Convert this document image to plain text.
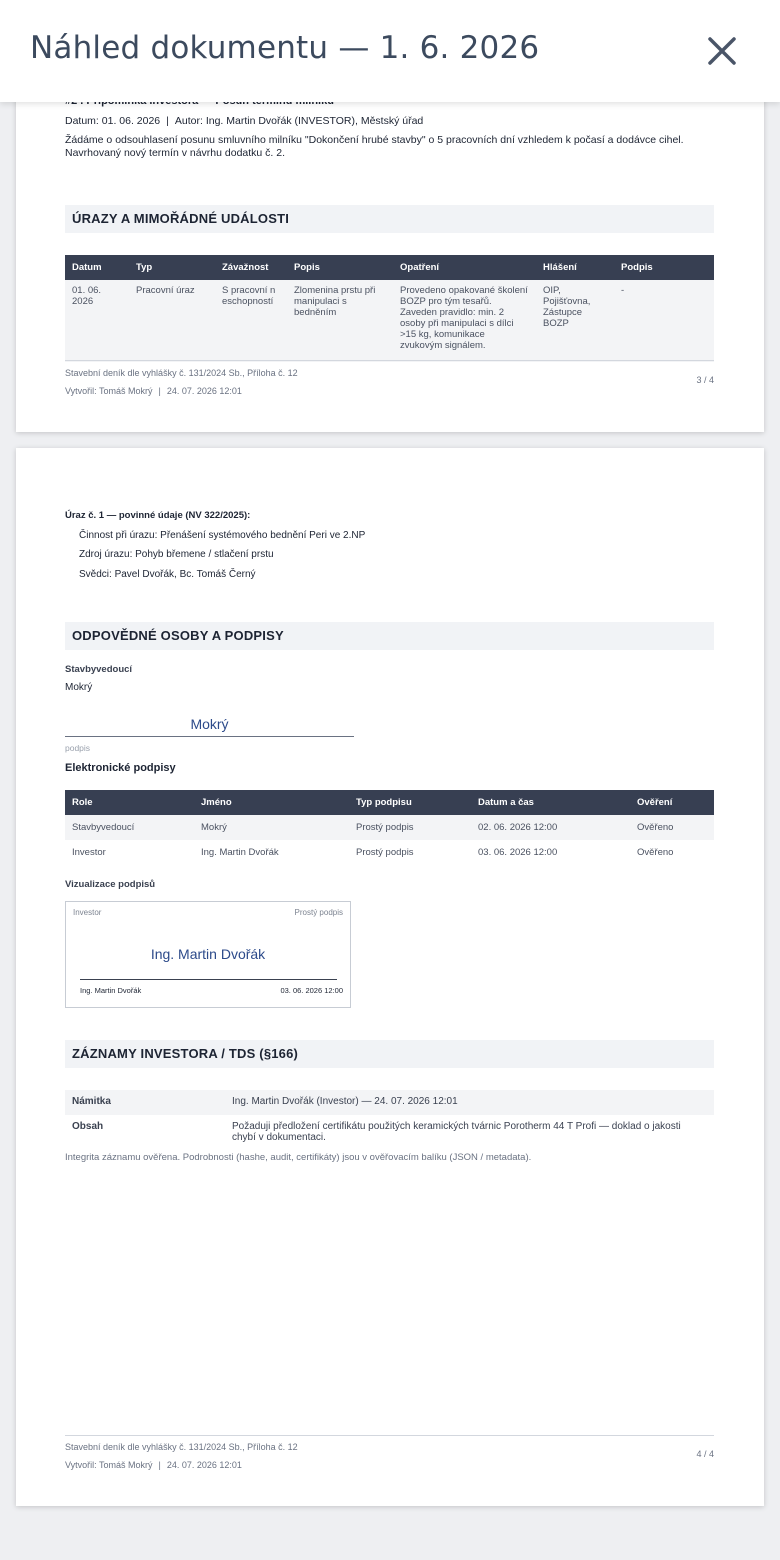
Náhled dokumentu — 1. 6. 2026
Datum: 01. 06. 2026 | Autor: Ing. Martin Dvořák (INVESTOR), Městský úřad
Žádáme o odsouhlasení posunu smluvního milníku "Dokončení hrubé stavby" o 5 pracovních dní vzhledem k počasí a dodávce cihel. Navrhovaný nový termín v návrhu dodatku č. 2.
ÚRAZY A MIMOŘÁDNÉ UDÁLOSTI
Datum	Typ	Závažnost	Popis	Opatření	Hlášení	Podpis
01. 06. 2026	Pracovní úraz	S pracovní n eschopností	Zlomenina prstu při manipulaci s bedněním	Provedeno opakované školení BOZP pro tým tesařů. Zaveden pravidlo: min. 2 osoby při manipulaci s dílci >15 kg, komunikace zvukovým signálem.	OIP, Pojišťovna, Zástupce BOZP	-
Stavební deník dle vyhlášky č. 131/2024 Sb., Příloha č. 12
Vytvořil: Tomáš Mokrý | 24. 07. 2026 12:01
3 / 4
Úraz č. 1 — povinné údaje (NV 322/2025):
Činnost při úrazu: Přenášení systémového bednění Peri ve 2.NP
Zdroj úrazu: Pohyb břemene / stlačení prstu
Svědci: Pavel Dvořák, Bc. Tomáš Černý
ODPOVĚDNÉ OSOBY A PODPISY
Stavbyvedoucí
Mokrý
Mokrý
podpis
Elektronické podpisy
Role	Jméno	Typ podpisu	Datum a čas	Ověření
Stavbyvedoucí	Mokrý	Prostý podpis	02. 06. 2026 12:00	Ověřeno
Investor	Ing. Martin Dvořák	Prostý podpis	03. 06. 2026 12:00	Ověřeno
Vizualizace podpisů
Investor	Prostý podpis
Ing. Martin Dvořák
Ing. Martin Dvořák	03. 06. 2026 12:00
ZÁZNAMY INVESTORA / TDS (§166)
Námitka	Ing. Martin Dvořák (Investor) — 24. 07. 2026 12:01
Obsah	Požaduji předložení certifikátu použitých keramických tvárnic Porotherm 44 T Profi — doklad o jakosti chybí v dokumentaci.
Integrita záznamu ověřena. Podrobnosti (hashe, audit, certifikáty) jsou v ověřovacím balíku (JSON / metadata).
Stavební deník dle vyhlášky č. 131/2024 Sb., Příloha č. 12
Vytvořil: Tomáš Mokrý | 24. 07. 2026 12:01
4 / 4
